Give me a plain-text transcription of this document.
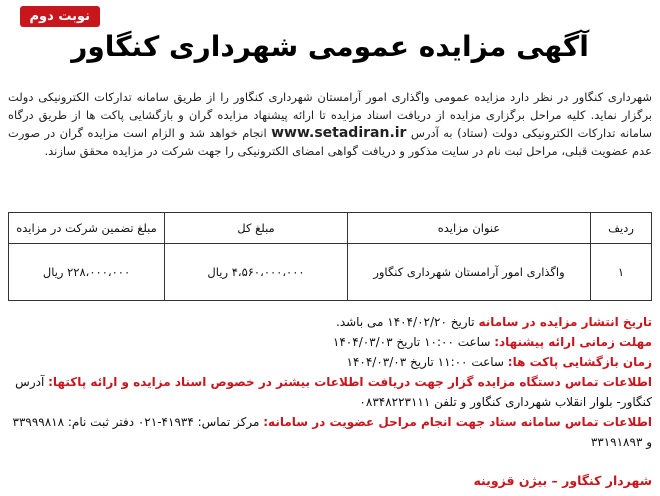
نوبت دوم
آگهی مزایده عمومی شهرداری کنگاور
شهرداری کنگاور در نظر دارد مزایده عمومی واگذاری امور آرامستان شهرداری کنگاور را از طریق سامانه تدارکات الکترونیکی دولت برگزار نماید. کلیه مراحل برگزاری مزایده از دریافت اسناد مزایده تا ارائه پیشنهاد مزایده گران و بازگشایی پاکت ها از طریق درگاه سامانه تدارکات الکترونیکی دولت (ستاد) به آدرس www.setadiran.ir انجام خواهد شد و الزام است مزایده گران در صورت عدم عضویت قبلی، مراحل ثبت نام در سایت مذکور و دریافت گواهی امضای الکترونیکی را جهت شرکت در مزایده محقق سازند.
ردیف	عنوان مزایده	مبلغ کل	مبلغ تضمین شرکت در مزایده
۱	واگذاری امور آرامستان شهرداری کنگاور	۴،۵۶۰،۰۰۰،۰۰۰ ریال	۲۲۸،۰۰۰،۰۰۰ ریال
تاریخ انتشار مزایده در سامانه تاریخ ۱۴۰۴/۰۲/۲۰ می باشد.
مهلت زمانی ارائه پیشنهاد: ساعت ۱۰:۰۰ تاریخ ۱۴۰۴/۰۳/۰۳
زمان بازگشایی پاکت ها: ساعت ۱۱:۰۰ تاریخ ۱۴۰۴/۰۳/۰۳
اطلاعات تماس دستگاه مزایده گزار جهت دریافت اطلاعات بیشتر در خصوص اسناد مزایده و ارائه پاکتها: آدرس کنگاور- بلوار انقلاب شهرداری کنگاور و تلفن ۰۸۳۴۸۲۲۳۱۱۱
اطلاعات تماس سامانه ستاد جهت انجام مراحل عضویت در سامانه: مرکز تماس: ۴۱۹۳۴-۰۲۱ دفتر ثبت نام: ۳۳۹۹۹۸۱۸ و ۳۳۱۹۱۸۹۳
شهردار کنگاور – بیژن قزوینه
